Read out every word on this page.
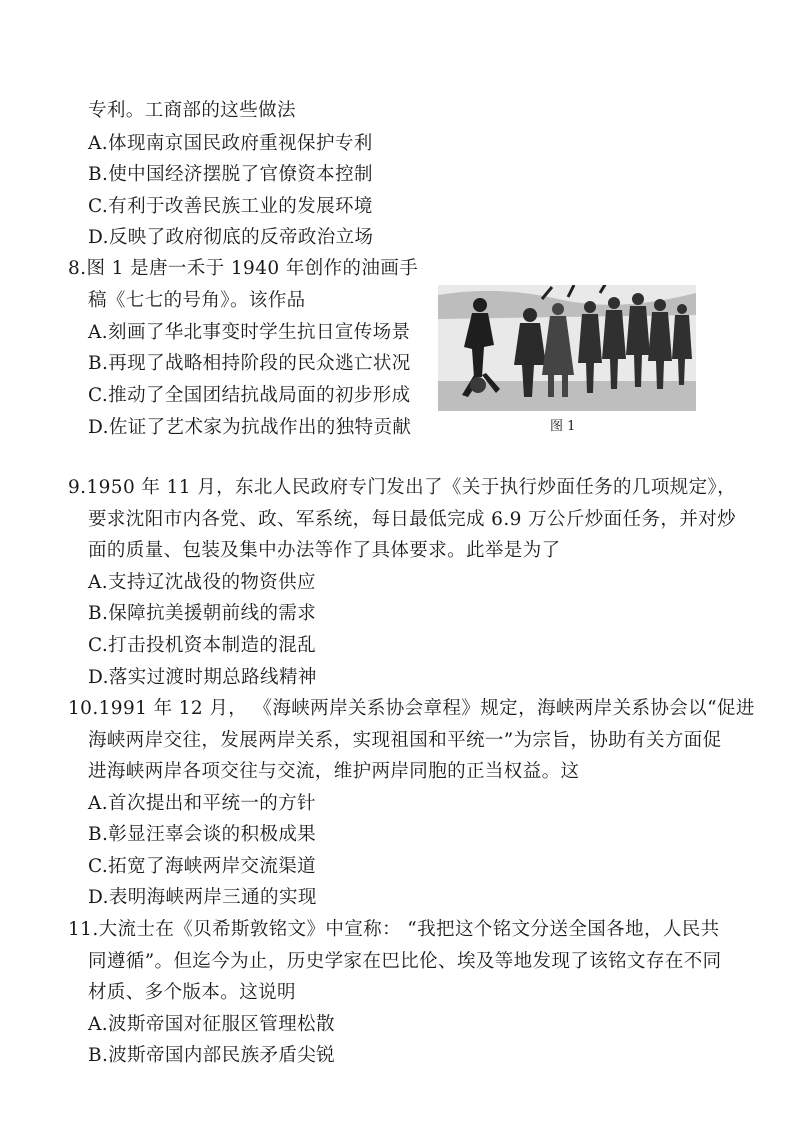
专利。工商部的这些做法
A.体现南京国民政府重视保护专利
B.使中国经济摆脱了官僚资本控制
C.有利于改善民族工业的发展环境
D.反映了政府彻底的反帝政治立场
8.图 1 是唐一禾于 1940 年创作的油画手
稿《七七的号角》。该作品
A.刻画了华北事变时学生抗日宣传场景
B.再现了战略相持阶段的民众逃亡状况
C.推动了全国团结抗战局面的初步形成
D.佐证了艺术家为抗战作出的独特贡献	图 1
9.1950 年 11 月，东北人民政府专门发出了《关于执行炒面任务的几项规定》，
要求沈阳市内各党、政、军系统，每日最低完成 6.9 万公斤炒面任务，并对炒
面的质量、包装及集中办法等作了具体要求。此举是为了
A.支持辽沈战役的物资供应
B.保障抗美援朝前线的需求
C.打击投机资本制造的混乱
D.落实过渡时期总路线精神
10.1991 年 12 月， 《海峡两岸关系协会章程》规定，海峡两岸关系协会以“促进
海峡两岸交往，发展两岸关系，实现祖国和平统一”为宗旨，协助有关方面促
进海峡两岸各项交往与交流，维护两岸同胞的正当权益。这
A.首次提出和平统一的方针
B.彰显汪辜会谈的积极成果
C.拓宽了海峡两岸交流渠道
D.表明海峡两岸三通的实现
11.大流士在《贝希斯敦铭文》中宣称： “我把这个铭文分送全国各地，人民共
同遵循”。但迄今为止，历史学家在巴比伦、埃及等地发现了该铭文存在不同
材质、多个版本。这说明
A.波斯帝国对征服区管理松散
B.波斯帝国内部民族矛盾尖锐
